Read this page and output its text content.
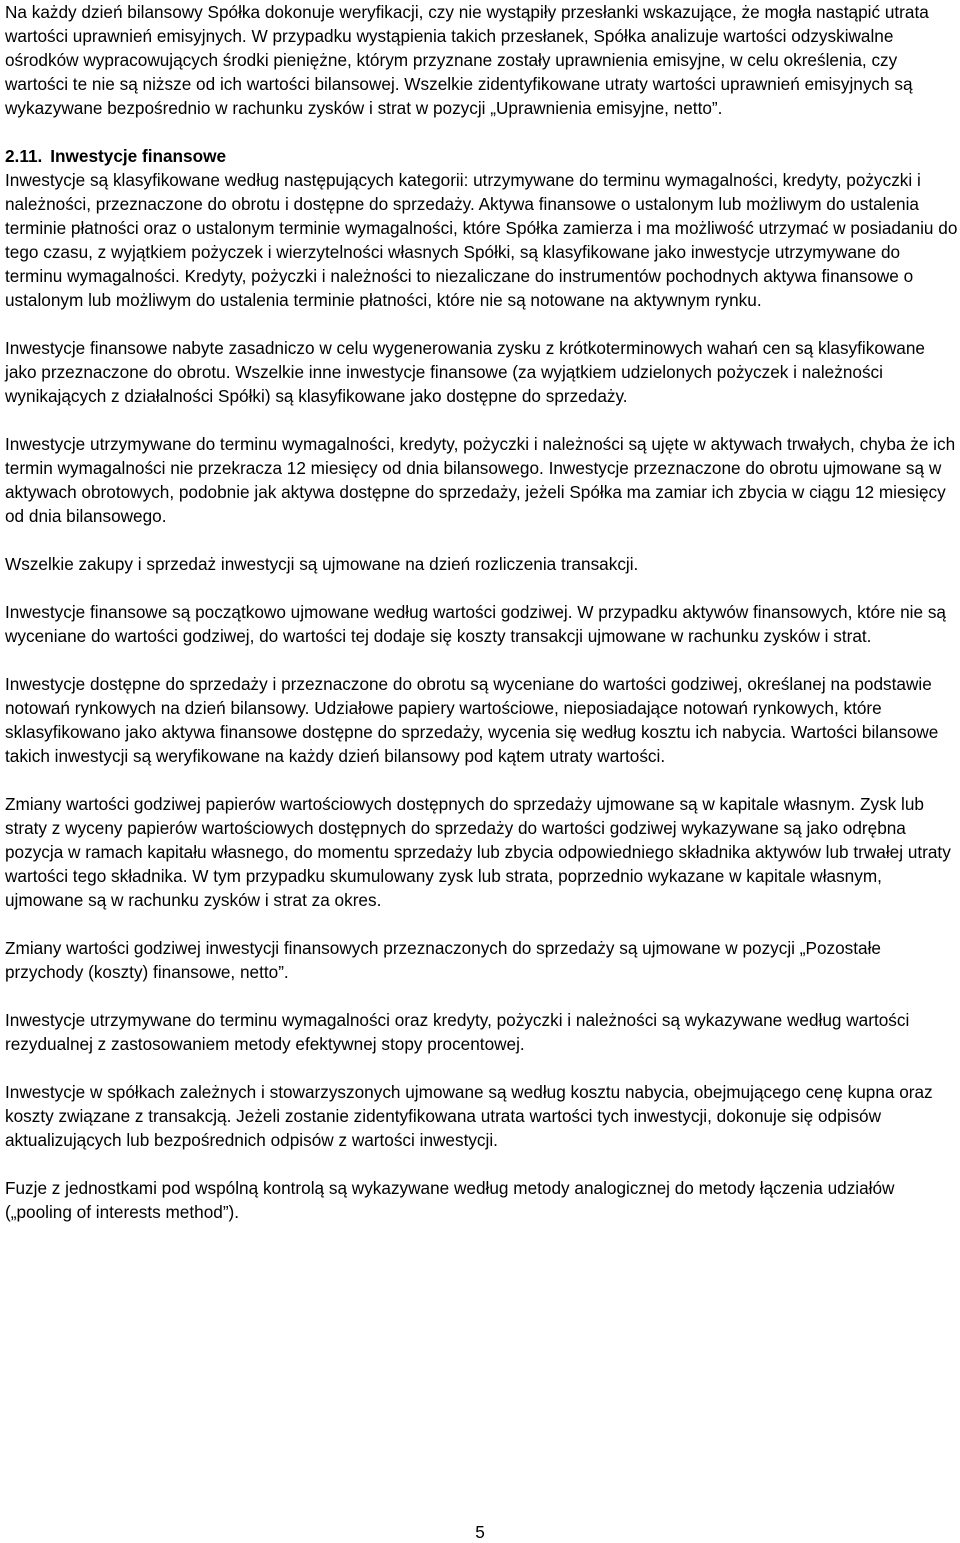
Na każdy dzień bilansowy Spółka dokonuje weryfikacji, czy nie wystąpiły przesłanki wskazujące, że mogła nastąpić utrata wartości uprawnień emisyjnych. W przypadku wystąpienia takich przesłanek, Spółka analizuje wartości odzyskiwalne ośrodków wypracowujących środki pieniężne, którym przyznane zostały uprawnienia emisyjne, w celu określenia, czy wartości te nie są niższe od ich wartości bilansowej. Wszelkie zidentyfikowane utraty wartości uprawnień emisyjnych są wykazywane bezpośrednio w rachunku zysków i strat w pozycji „Uprawnienia emisyjne, netto”.

2.11. Inwestycje finansowe

Inwestycje są klasyfikowane według następujących kategorii: utrzymywane do terminu wymagalności, kredyty, pożyczki i należności, przeznaczone do obrotu i dostępne do sprzedaży. Aktywa finansowe o ustalonym lub możliwym do ustalenia terminie płatności oraz o ustalonym terminie wymagalności, które Spółka zamierza i ma możliwość utrzymać w posiadaniu do tego czasu, z wyjątkiem pożyczek i wierzytelności własnych Spółki, są klasyfikowane jako inwestycje utrzymywane do terminu wymagalności. Kredyty, pożyczki i należności to niezaliczane do instrumentów pochodnych aktywa finansowe o ustalonym lub możliwym do ustalenia terminie płatności, które nie są notowane na aktywnym rynku.

Inwestycje finansowe nabyte zasadniczo w celu wygenerowania zysku z krótkoterminowych wahań cen są klasyfikowane jako przeznaczone do obrotu. Wszelkie inne inwestycje finansowe (za wyjątkiem udzielonych pożyczek i należności wynikających z działalności Spółki) są klasyfikowane jako dostępne do sprzedaży.

Inwestycje utrzymywane do terminu wymagalności, kredyty, pożyczki i należności są ujęte w aktywach trwałych, chyba że ich termin wymagalności nie przekracza 12 miesięcy od dnia bilansowego. Inwestycje przeznaczone do obrotu ujmowane są w aktywach obrotowych, podobnie jak aktywa dostępne do sprzedaży, jeżeli Spółka ma zamiar ich zbycia w ciągu 12 miesięcy od dnia bilansowego.

Wszelkie zakupy i sprzedaż inwestycji są ujmowane na dzień rozliczenia transakcji.

Inwestycje finansowe są początkowo ujmowane według wartości godziwej. W przypadku aktywów finansowych, które nie są wyceniane do wartości godziwej, do wartości tej dodaje się koszty transakcji ujmowane w rachunku zysków i strat.

Inwestycje dostępne do sprzedaży i przeznaczone do obrotu są wyceniane do wartości godziwej, określanej na podstawie notowań rynkowych na dzień bilansowy. Udziałowe papiery wartościowe, nieposiadające notowań rynkowych, które sklasyfikowano jako aktywa finansowe dostępne do sprzedaży, wycenia się według kosztu ich nabycia. Wartości bilansowe takich inwestycji są weryfikowane na każdy dzień bilansowy pod kątem utraty wartości.

Zmiany wartości godziwej papierów wartościowych dostępnych do sprzedaży ujmowane są w kapitale własnym. Zysk lub straty z wyceny papierów wartościowych dostępnych do sprzedaży do wartości godziwej wykazywane są jako odrębna pozycja w ramach kapitału własnego, do momentu sprzedaży lub zbycia odpowiedniego składnika aktywów lub trwałej utraty wartości tego składnika. W tym przypadku skumulowany zysk lub strata, poprzednio wykazane w kapitale własnym, ujmowane są w rachunku zysków i strat za okres.

Zmiany wartości godziwej inwestycji finansowych przeznaczonych do sprzedaży są ujmowane w pozycji „Pozostałe przychody (koszty) finansowe, netto”.

Inwestycje utrzymywane do terminu wymagalności oraz kredyty, pożyczki i należności są wykazywane według wartości rezydualnej z zastosowaniem metody efektywnej stopy procentowej.

Inwestycje w spółkach zależnych i stowarzyszonych ujmowane są według kosztu nabycia, obejmującego cenę kupna oraz koszty związane z transakcją. Jeżeli zostanie zidentyfikowana utrata wartości tych inwestycji, dokonuje się odpisów aktualizujących lub bezpośrednich odpisów z wartości inwestycji.

Fuzje z jednostkami pod wspólną kontrolą są wykazywane według metody analogicznej do metody łączenia udziałów („pooling of interests method”).

5
